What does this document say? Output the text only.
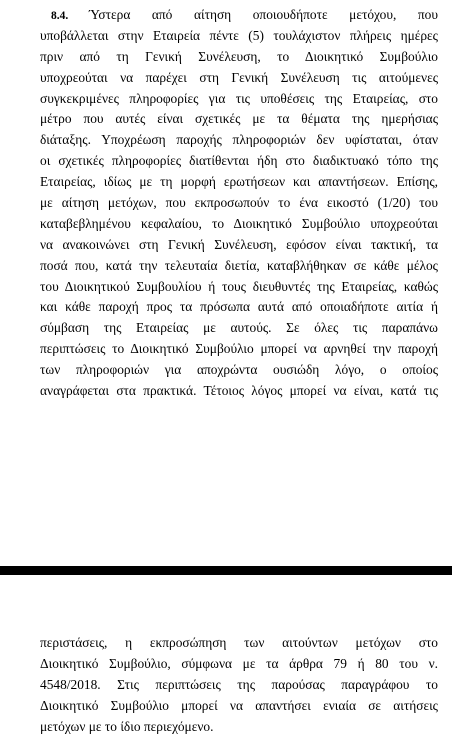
8.4. Ύστερα από αίτηση οποιουδήποτε μετόχου, που
υποβάλλεται στην Εταιρεία πέντε (5) τουλάχιστον πλήρεις ημέρες
πριν από τη Γενική Συνέλευση, το Διοικητικό Συμβούλιο
υποχρεούται να παρέχει στη Γενική Συνέλευση τις αιτούμενες
συγκεκριμένες πληροφορίες για τις υποθέσεις της Εταιρείας, στο
μέτρο που αυτές είναι σχετικές με τα θέματα της ημερήσιας
διάταξης. Υποχρέωση παροχής πληροφοριών δεν υφίσταται, όταν
οι σχετικές πληροφορίες διατίθενται ήδη στο διαδικτυακό τόπο της
Εταιρείας, ιδίως με τη μορφή ερωτήσεων και απαντήσεων. Επίσης,
με αίτηση μετόχων, που εκπροσωπούν το ένα εικοστό (1/20) του
καταβεβλημένου κεφαλαίου, το Διοικητικό Συμβούλιο υποχρεούται
να ανακοινώνει στη Γενική Συνέλευση, εφόσον είναι τακτική, τα
ποσά που, κατά την τελευταία διετία, καταβλήθηκαν σε κάθε μέλος
του Διοικητικού Συμβουλίου ή τους διευθυντές της Εταιρείας, καθώς
και κάθε παροχή προς τα πρόσωπα αυτά από οποιαδήποτε αιτία ή
σύμβαση της Εταιρείας με αυτούς. Σε όλες τις παραπάνω
περιπτώσεις το Διοικητικό Συμβούλιο μπορεί να αρνηθεί την παροχή
των πληροφοριών για αποχρώντα ουσιώδη λόγο, ο οποίος
αναγράφεται στα πρακτικά. Τέτοιος λόγος μπορεί να είναι, κατά τις
περιστάσεις, η εκπροσώπηση των αιτούντων μετόχων στο
Διοικητικό Συμβούλιο, σύμφωνα με τα άρθρα 79 ή 80 του ν.
4548/2018. Στις περιπτώσεις της παρούσας παραγράφου το
Διοικητικό Συμβούλιο μπορεί να απαντήσει ενιαία σε αιτήσεις
μετόχων με το ίδιο περιεχόμενο.
